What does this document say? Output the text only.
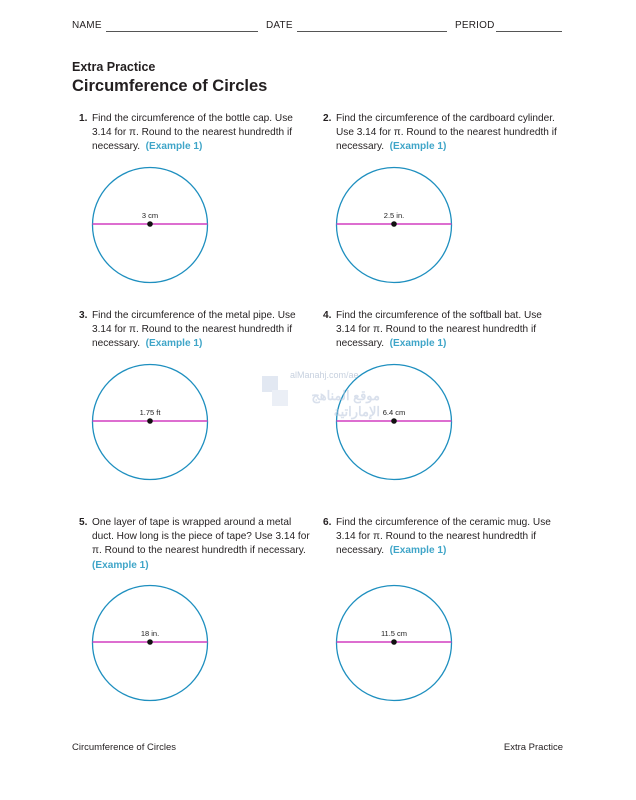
NAME	DATE	PERIOD
Extra Practice
Circumference of Circles
1. Find the circumference of the bottle cap. Use 3.14 for π. Round to the nearest hundredth if necessary. (Example 1)
3 cm
2. Find the circumference of the cardboard cylinder. Use 3.14 for π. Round to the nearest hundredth if necessary. (Example 1)
2.5 in.
3. Find the circumference of the metal pipe. Use 3.14 for π. Round to the nearest hundredth if necessary. (Example 1)
1.75 ft
4. Find the circumference of the softball bat. Use 3.14 for π. Round to the nearest hundredth if necessary. (Example 1)
6.4 cm
5. One layer of tape is wrapped around a metal duct. How long is the piece of tape? Use 3.14 for π. Round to the nearest hundredth if necessary.  (Example 1)
18 in.
6. Find the circumference of the ceramic mug. Use 3.14 for π. Round to the nearest hundredth if necessary. (Example 1)
11.5 cm
alManahj.com/ae
موقع المناهج الإماراتية
Circumference of Circles	Extra Practice
